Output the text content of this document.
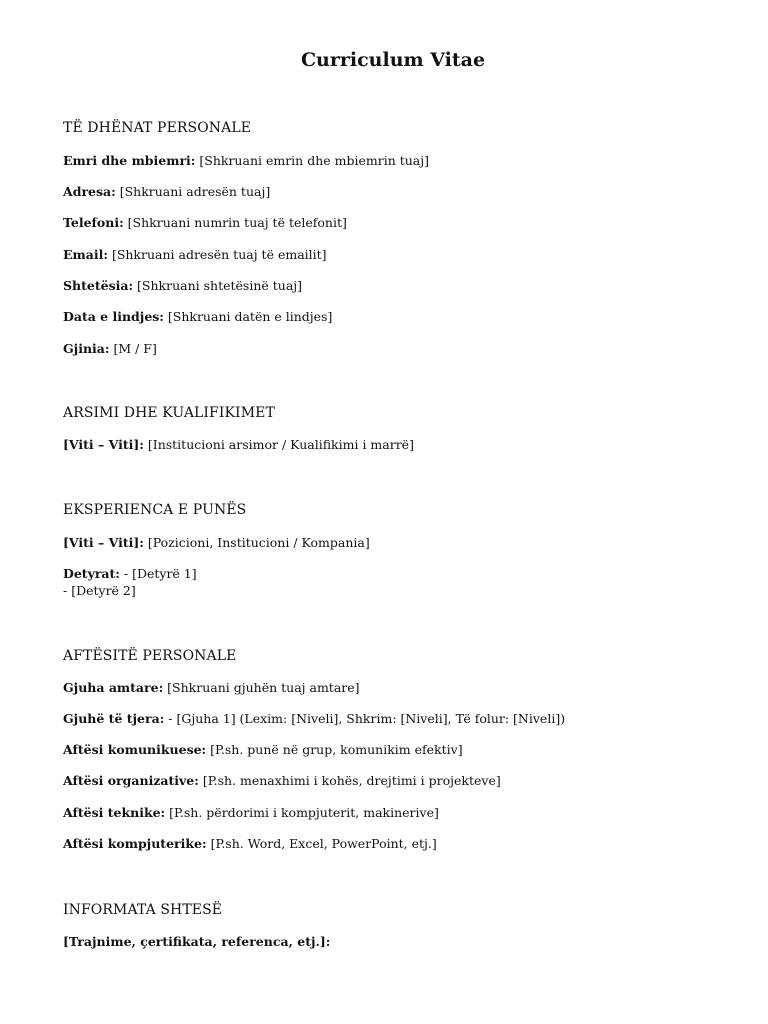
Curriculum Vitae
TË DHËNAT PERSONALE

Emri dhe mbiemri: [Shkruani emrin dhe mbiemrin tuaj]

Adresa: [Shkruani adresën tuaj]

Telefoni: [Shkruani numrin tuaj të telefonit]

Email: [Shkruani adresën tuaj të emailit]

Shtetësia: [Shkruani shtetësinë tuaj]

Data e lindjes: [Shkruani datën e lindjes]

Gjinia: [M / F]

ARSIMI DHE KUALIFIKIMET

[Viti – Viti]: [Institucioni arsimor / Kualifikimi i marrë]

EKSPERIENCA E PUNËS

[Viti – Viti]: [Pozicioni, Institucioni / Kompania]

Detyrat: - [Detyrë 1]

- [Detyrë 2]

AFTËSITË PERSONALE

Gjuha amtare: [Shkruani gjuhën tuaj amtare]

Gjuhë të tjera: - [Gjuha 1] (Lexim: [Niveli], Shkrim: [Niveli], Të folur: [Niveli])

Aftësi komunikuese: [P.sh. punë në grup, komunikim efektiv]

Aftësi organizative: [P.sh. menaxhimi i kohës, drejtimi i projekteve]

Aftësi teknike: [P.sh. përdorimi i kompjuterit, makinerive]

Aftësi kompjuterike: [P.sh. Word, Excel, PowerPoint, etj.]

INFORMATA SHTESË

[Trajnime, çertifikata, referenca, etj.]:
